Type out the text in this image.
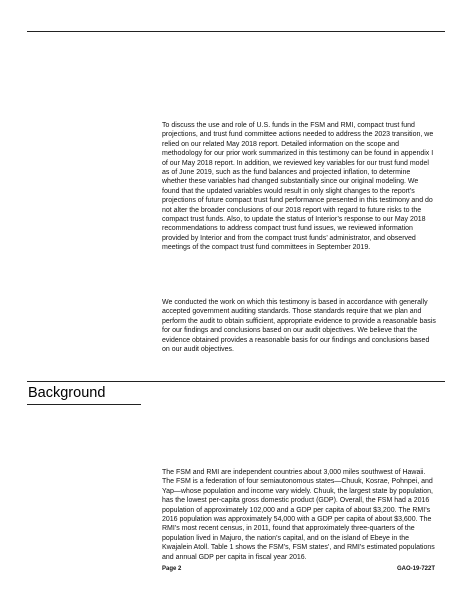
To discuss the use and role of U.S. funds in the FSM and RMI, compact trust fund projections, and trust fund committee actions needed to address the 2023 transition, we relied on our related May 2018 report. Detailed information on the scope and methodology for our prior work summarized in this testimony can be found in appendix I of our May 2018 report. In addition, we reviewed key variables for our trust fund model as of June 2019, such as the fund balances and projected inflation, to determine whether these variables had changed substantially since our original modeling. We found that the updated variables would result in only slight changes to the report’s projections of future compact trust fund performance presented in this testimony and do not alter the broader conclusions of our 2018 report with regard to future risks to the compact trust funds. Also, to update the status of Interior’s response to our May 2018 recommendations to address compact trust fund issues, we reviewed information provided by Interior and from the compact trust funds’ administrator, and observed meetings of the compact trust fund committees in September 2019.

We conducted the work on which this testimony is based in accordance with generally accepted government auditing standards. Those standards require that we plan and perform the audit to obtain sufficient, appropriate evidence to provide a reasonable basis for our findings and conclusions based on our audit objectives. We believe that the evidence obtained provides a reasonable basis for our findings and conclusions based on our audit objectives.

Background

The FSM and RMI are independent countries about 3,000 miles southwest of Hawaii. The FSM is a federation of four semiautonomous states—Chuuk, Kosrae, Pohnpei, and Yap—whose population and income vary widely. Chuuk, the largest state by population, has the lowest per-capita gross domestic product (GDP). Overall, the FSM had a 2016 population of approximately 102,000 and a GDP per capita of about $3,200. The RMI’s 2016 population was approximately 54,000 with a GDP per capita of about $3,600. The RMI’s most recent census, in 2011, found that approximately three-quarters of the population lived in Majuro, the nation’s capital, and on the island of Ebeye in the Kwajalein Atoll. Table 1 shows the FSM’s, FSM states’, and RMI’s estimated populations and annual GDP per capita in fiscal year 2016.

Page 2	GAO-19-722T
